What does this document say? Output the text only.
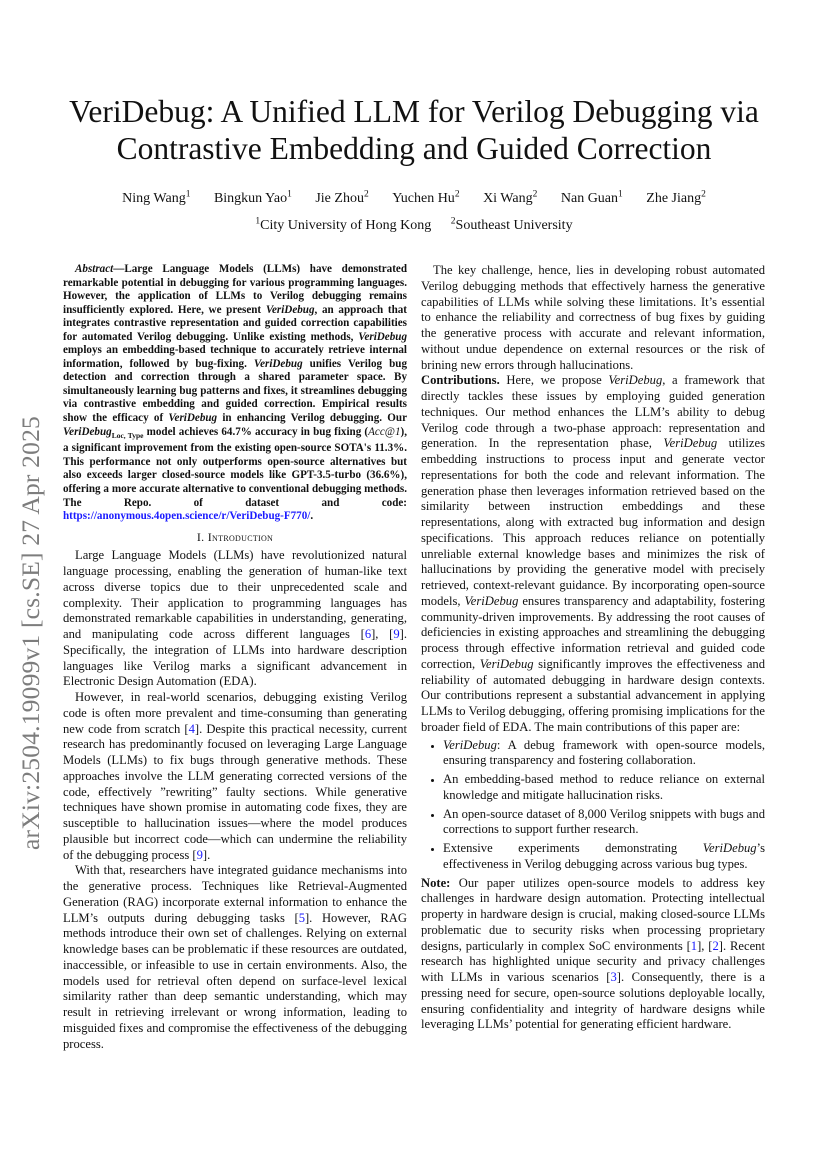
arXiv:2504.19099v1 [cs.SE] 27 Apr 2025
VeriDebug: A Unified LLM for Verilog Debugging via Contrastive Embedding and Guided Correction
Ning Wang$^1$ Bingkun Yao$^1$ Jie Zhou$^2$ Yuchen Hu$^2$ Xi Wang$^2$ Nan Guan$^1$ Zhe Jiang$^2$
$^1$City University of Hong Kong $^2$Southeast University

Abstract—Large Language Models (LLMs) have demonstrated remarkable potential in debugging for various programming languages. However, the application of LLMs to Verilog debugging remains insufficiently explored. Here, we present VeriDebug, an approach that integrates contrastive representation and guided correction capabilities for automated Verilog debugging. Unlike existing methods, VeriDebug employs an embedding-based technique to accurately retrieve internal information, followed by bug-fixing. VeriDebug unifies Verilog bug detection and correction through a shared parameter space. By simultaneously learning bug patterns and fixes, it streamlines debugging via contrastive embedding and guided correction. Empirical results show the efficacy of VeriDebug in enhancing Verilog debugging. Our VeriDebug$_{Loc, Type}$ model achieves 64.7% accuracy in bug fixing (Acc@1), a significant improvement from the existing open-source SOTA's 11.3%. This performance not only outperforms open-source alternatives but also exceeds larger closed-source models like GPT-3.5-turbo (36.6%), offering a more accurate alternative to conventional debugging methods. The Repo. of dataset and code: https://anonymous.4open.science/r/VeriDebug-F770/.

I. Introduction

Large Language Models (LLMs) have revolutionized natural language processing, enabling the generation of human-like text across diverse topics due to their unprecedented scale and complexity. Their application to programming languages has demonstrated remarkable capabilities in understanding, generating, and manipulating code across different languages [6], [9]. Specifically, the integration of LLMs into hardware description languages like Verilog marks a significant advancement in Electronic Design Automation (EDA).

However, in real-world scenarios, debugging existing Verilog code is often more prevalent and time-consuming than generating new code from scratch [4]. Despite this practical necessity, current research has predominantly focused on leveraging Large Language Models (LLMs) to fix bugs through generative methods. These approaches involve the LLM generating corrected versions of the code, effectively ”rewriting” faulty sections. While generative techniques have shown promise in automating code fixes, they are susceptible to hallucination issues—where the model produces plausible but incorrect code—which can undermine the reliability of the debugging process [9].

With that, researchers have integrated guidance mechanisms into the generative process. Techniques like Retrieval-Augmented Generation (RAG) incorporate external information to enhance the LLM’s outputs during debugging tasks [5]. However, RAG methods introduce their own set of challenges. Relying on external knowledge bases can be problematic if these resources are outdated, inaccessible, or infeasible to use in certain environments. Also, the models used for retrieval often depend on surface-level lexical similarity rather than deep semantic understanding, which may result in retrieving irrelevant or wrong information, leading to misguided fixes and compromise the effectiveness of the debugging process.

The key challenge, hence, lies in developing robust automated Verilog debugging methods that effectively harness the generative capabilities of LLMs while solving these limitations. It’s essential to enhance the reliability and correctness of bug fixes by guiding the generative process with accurate and relevant information, without undue dependence on external resources or the risk of brining new errors through hallucinations.

Contributions. Here, we propose VeriDebug, a framework that directly tackles these issues by employing guided generation techniques. Our method enhances the LLM’s ability to debug Verilog code through a two-phase approach: representation and generation. In the representation phase, VeriDebug utilizes embedding instructions to process input and generate vector representations for both the code and relevant information. The generation phase then leverages information retrieved based on the similarity between instruction embeddings and these representations, along with extracted bug information and design specifications. This approach reduces reliance on potentially unreliable external knowledge bases and minimizes the risk of hallucinations by providing the generative model with precisely retrieved, context-relevant guidance. By incorporating open-source models, VeriDebug ensures transparency and adaptability, fostering community-driven improvements. By addressing the root causes of deficiencies in existing approaches and streamlining the debugging process through effective information retrieval and guided code correction, VeriDebug significantly improves the effectiveness and reliability of automated debugging in hardware design contexts. Our contributions represent a substantial advancement in applying LLMs to Verilog debugging, offering promising implications for the broader field of EDA. The main contributions of this paper are:

• VeriDebug: A debug framework with open-source models, ensuring transparency and fostering collaboration.
• An embedding-based method to reduce reliance on external knowledge and mitigate hallucination risks.
• An open-source dataset of 8,000 Verilog snippets with bugs and corrections to support further research.
• Extensive experiments demonstrating VeriDebug’s effectiveness in Verilog debugging across various bug types.

Note: Our paper utilizes open-source models to address key challenges in hardware design automation. Protecting intellectual property in hardware design is crucial, making closed-source LLMs problematic due to security risks when processing proprietary designs, particularly in complex SoC environments [1], [2]. Recent research has highlighted unique security and privacy challenges with LLMs in various scenarios [3]. Consequently, there is a pressing need for secure, open-source solutions deployable locally, ensuring confidentiality and integrity of hardware designs while leveraging LLMs’ potential for generating efficient hardware.
